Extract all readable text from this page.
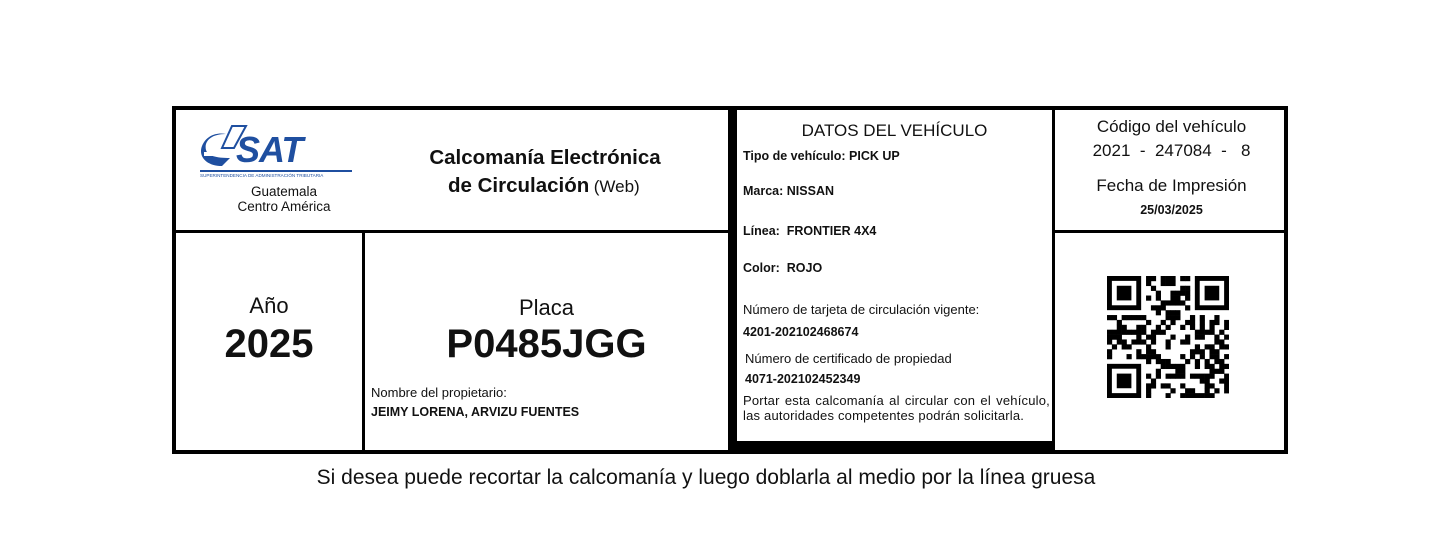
SAT
SUPERINTENDENCIA DE ADMINISTRACIÓN TRIBUTARIA
Guatemala
Centro América
Calcomanía Electrónica
de Circulación (Web)
Año
2025
Placa
P0485JGG
Nombre del propietario:
JEIMY LORENA, ARVIZU FUENTES
DATOS DEL VEHÍCULO
Tipo de vehículo: PICK UP
Marca: NISSAN
Línea:  FRONTIER 4X4
Color:  ROJO
Número de tarjeta de circulación vigente:
4201-202102468674
Número de certificado de propiedad
4071-202102452349
Portar esta calcomanía al circular con el vehículo, las autoridades competentes podrán solicitarla.
Código del vehículo
2021  -  247084  -   8
Fecha de Impresión
25/03/2025
Si desea puede recortar la calcomanía y luego doblarla al medio por la línea gruesa
